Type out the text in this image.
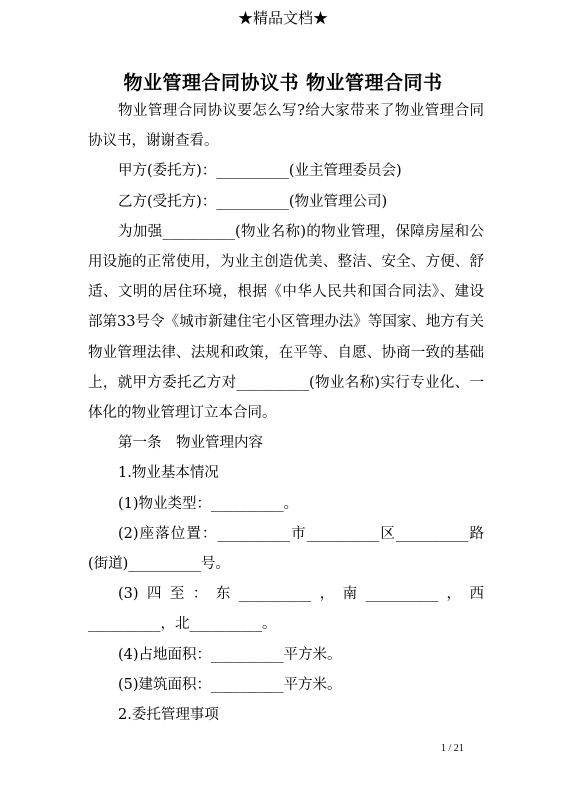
★精品文档★
物业管理合同协议书 物业管理合同书

物业管理合同协议要怎么写?给大家带来了物业管理合同协议书，谢谢查看。

甲方(委托方)：__________(业主管理委员会)

乙方(受托方)：__________(物业管理公司)

为加强__________(物业名称)的物业管理，保障房屋和公用设施的正常使用，为业主创造优美、整洁、安全、方便、舒适、文明的居住环境，根据《中华人民共和国合同法》、建设部第33号令《城市新建住宅小区管理办法》等国家、地方有关物业管理法律、法规和政策，在平等、自愿、协商一致的基础上，就甲方委托乙方对__________(物业名称)实行专业化、一体化的物业管理订立本合同。

第一条　物业管理内容

1.物业基本情况

(1)物业类型：__________。

(2)座落位置：__________市__________区__________路(街道)__________号。

(3)四至：东__________，南__________，西__________，北__________。

(4)占地面积：__________平方米。

(5)建筑面积：__________平方米。

2.委托管理事项

1 / 21
